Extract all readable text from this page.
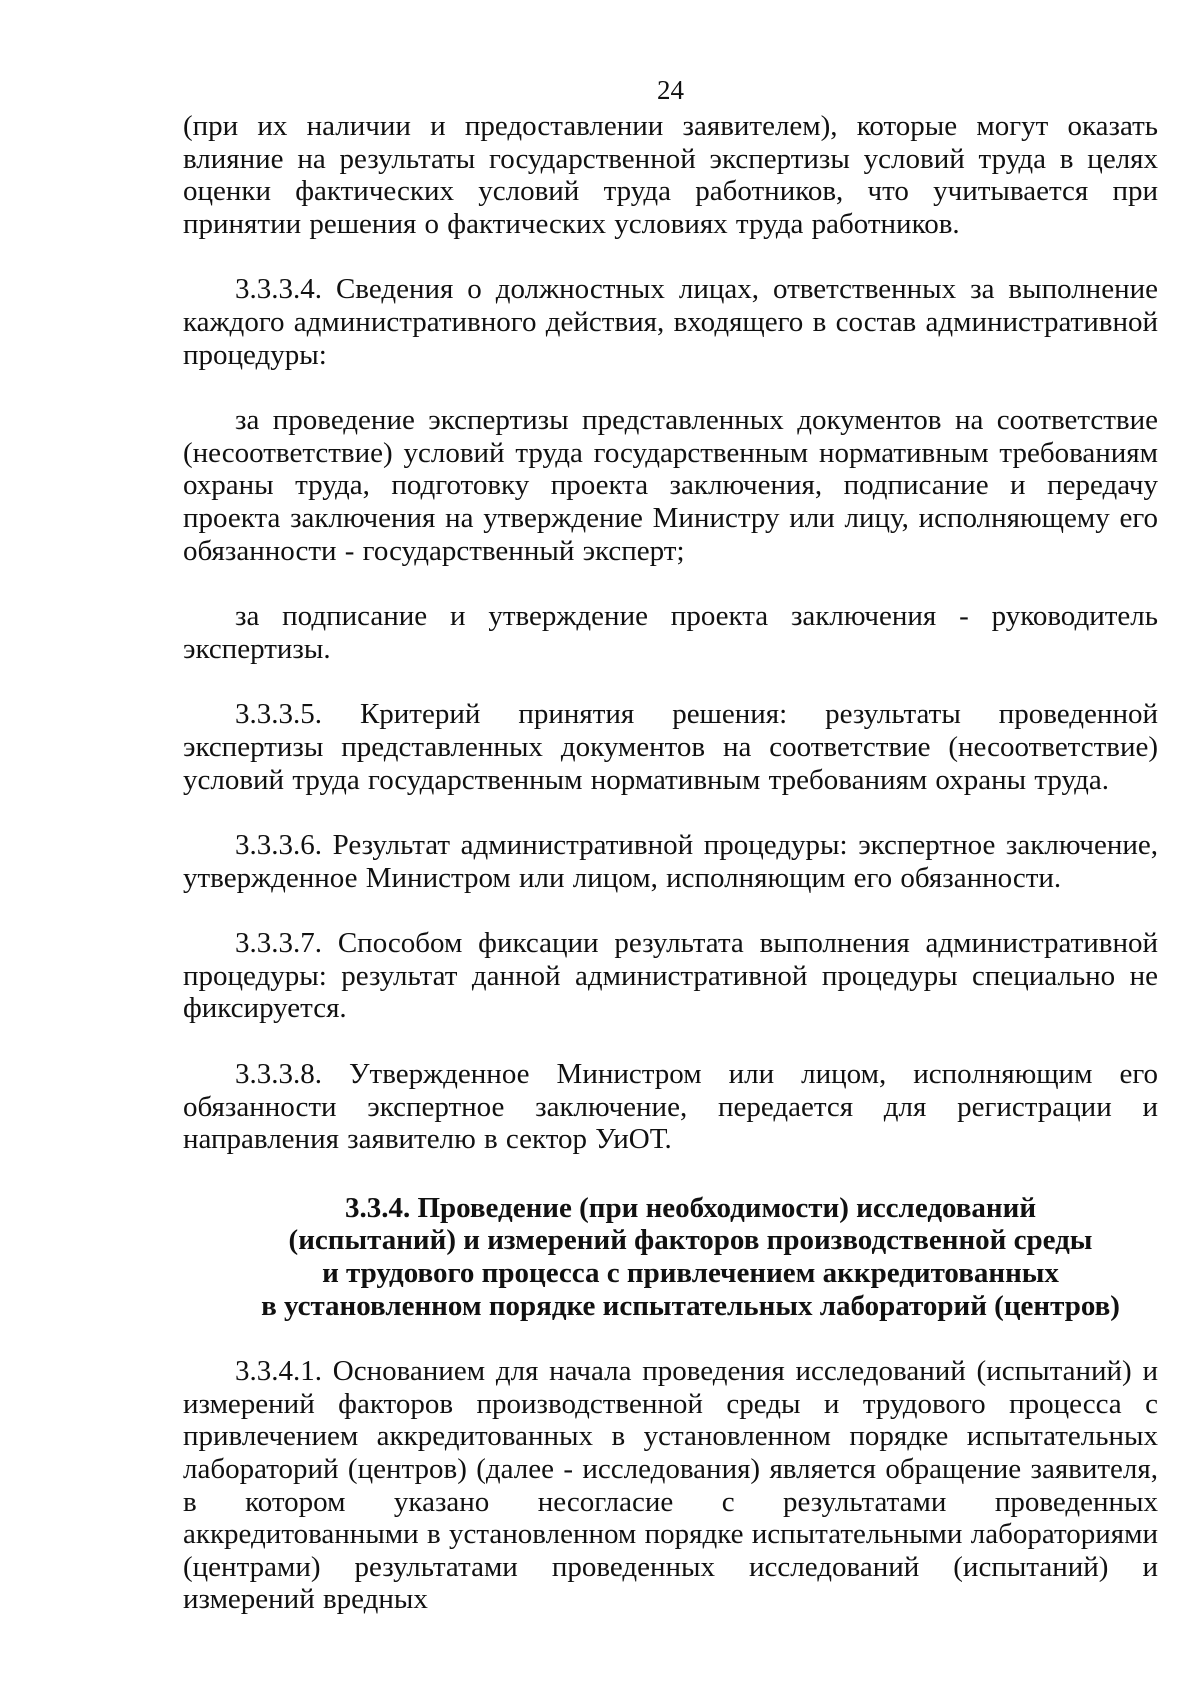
24

(при их наличии и предоставлении заявителем), которые могут оказать влияние на результаты государственной экспертизы условий труда в целях оценки фактических условий труда работников, что учитывается при принятии решения о фактических условиях труда работников.

3.3.3.4. Сведения о должностных лицах, ответственных за выполнение каждого административного действия, входящего в состав административной процедуры:

за проведение экспертизы представленных документов на соответствие (несоответствие) условий труда государственным нормативным требованиям охраны труда, подготовку проекта заключения, подписание и передачу проекта заключения на утверждение Министру или лицу, исполняющему его обязанности - государственный эксперт;

за подписание и утверждение проекта заключения - руководитель экспертизы.

3.3.3.5. Критерий принятия решения: результаты проведенной экспертизы представленных документов на соответствие (несоответствие) условий труда государственным нормативным требованиям охраны труда.

3.3.3.6. Результат административной процедуры: экспертное заключение, утвержденное Министром или лицом, исполняющим его обязанности.

3.3.3.7. Способом фиксации результата выполнения административной процедуры: результат данной административной процедуры специально не фиксируется.

3.3.3.8. Утвержденное Министром или лицом, исполняющим его обязанности экспертное заключение, передается для регистрации и направления заявителю в сектор УиОТ.

3.3.4. Проведение (при необходимости) исследований
(испытаний) и измерений факторов производственной среды
и трудового процесса с привлечением аккредитованных
в установленном порядке испытательных лабораторий (центров)

3.3.4.1. Основанием для начала проведения исследований (испытаний) и измерений факторов производственной среды и трудового процесса с привлечением аккредитованных в установленном порядке испытательных лабораторий (центров) (далее - исследования) является обращение заявителя, в котором указано несогласие с результатами проведенных аккредитованными в установленном порядке испытательными лабораториями (центрами) результатами проведенных исследований (испытаний) и измерений вредных
